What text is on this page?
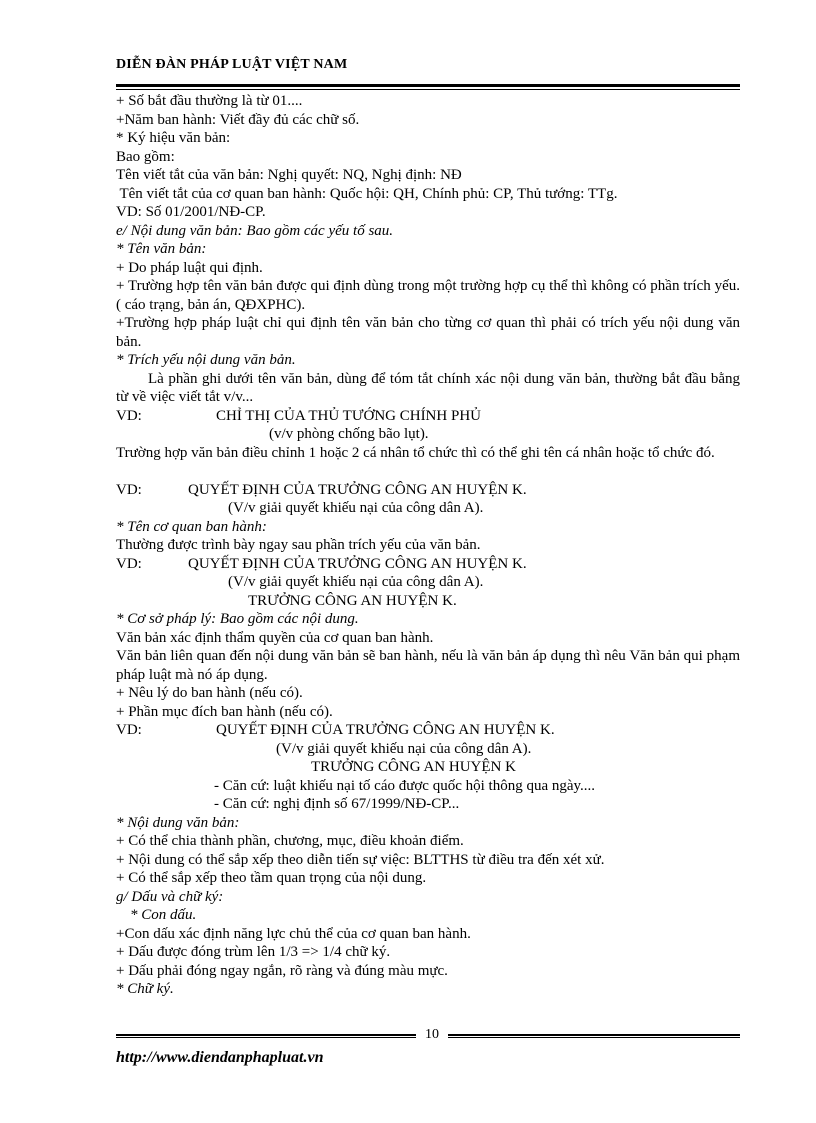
DIỄN ĐÀN PHÁP LUẬT VIỆT NAM
+ Số bắt đầu thường là từ 01....
+Năm ban hành: Viết đầy đủ các chữ số.
* Ký hiệu văn bản:
Bao gồm:
Tên viết tắt của văn bản: Nghị quyết: NQ, Nghị định: NĐ
Tên viết tắt của cơ quan ban hành: Quốc hội: QH, Chính phủ: CP, Thủ tướng: TTg.
VD: Số 01/2001/NĐ-CP.
e/ Nội dung văn bản: Bao gồm các yếu tố sau.
* Tên văn bản:
+ Do pháp luật qui định.
+ Trường hợp tên văn bản được qui định dùng trong một trường hợp cụ thể thì không có phần trích yếu.( cáo trạng, bản án, QĐXPHC).
+Trường hợp pháp luật chỉ qui định tên văn bản cho từng cơ quan thì phải có trích yếu nội dung văn bản.
* Trích yếu nội dung văn bản.
Là phần ghi dưới tên văn bản, dùng để tóm tắt chính xác nội dung văn bản, thường bắt đầu bằng từ về việc viết tắt v/v...
VD:	CHỈ THỊ CỦA THỦ TƯỚNG CHÍNH PHỦ
(v/v phòng chống bão lụt).
Trường hợp văn bản điều chỉnh 1 hoặc 2 cá nhân tổ chức thì có thể ghi tên cá nhân hoặc tổ chức đó.
VD:	QUYẾT ĐỊNH CỦA TRƯỞNG CÔNG AN HUYỆN K.
(V/v giải quyết khiếu nại của công dân A).
* Tên cơ quan ban hành:
Thường được trình bày ngay sau phần trích yếu của văn bản.
VD:	QUYẾT ĐỊNH CỦA TRƯỞNG CÔNG AN HUYỆN K.
(V/v giải quyết khiếu nại của công dân A).
TRƯỞNG CÔNG AN HUYỆN K.
* Cơ sở pháp lý: Bao gồm các nội dung.
Văn bản xác định thẩm quyền của cơ quan ban hành.
Văn bản liên quan đến nội dung văn bản sẽ ban hành, nếu là văn bản áp dụng thì nêu Văn bản qui phạm pháp luật mà nó áp dụng.
+ Nêu lý do ban hành (nếu có).
+ Phần mục đích ban hành (nếu có).
VD:	QUYẾT ĐỊNH CỦA TRƯỞNG CÔNG AN HUYỆN K.
(V/v giải quyết khiếu nại của công dân A).
TRƯỞNG CÔNG AN HUYỆN K
- Căn cứ: luật khiếu nại tố cáo được quốc hội thông qua ngày....
- Căn cứ: nghị định số 67/1999/NĐ-CP...
* Nội dung văn bản:
+ Có thể chia thành phần, chương, mục, điều khoản điểm.
+ Nội dung có thể sắp xếp theo diễn tiến sự việc: BLTTHS từ điều tra đến xét xử.
+ Có thể sắp xếp theo tầm quan trọng của nội dung.
g/ Dấu và chữ ký:
* Con dấu.
+Con dấu xác định năng lực chủ thể của cơ quan ban hành.
+ Dấu được đóng trùm lên 1/3 => 1/4 chữ ký.
+ Dấu phải đóng ngay ngắn, rõ ràng và đúng màu mực.
* Chữ ký.
10
http://www.diendanphapluat.vn
